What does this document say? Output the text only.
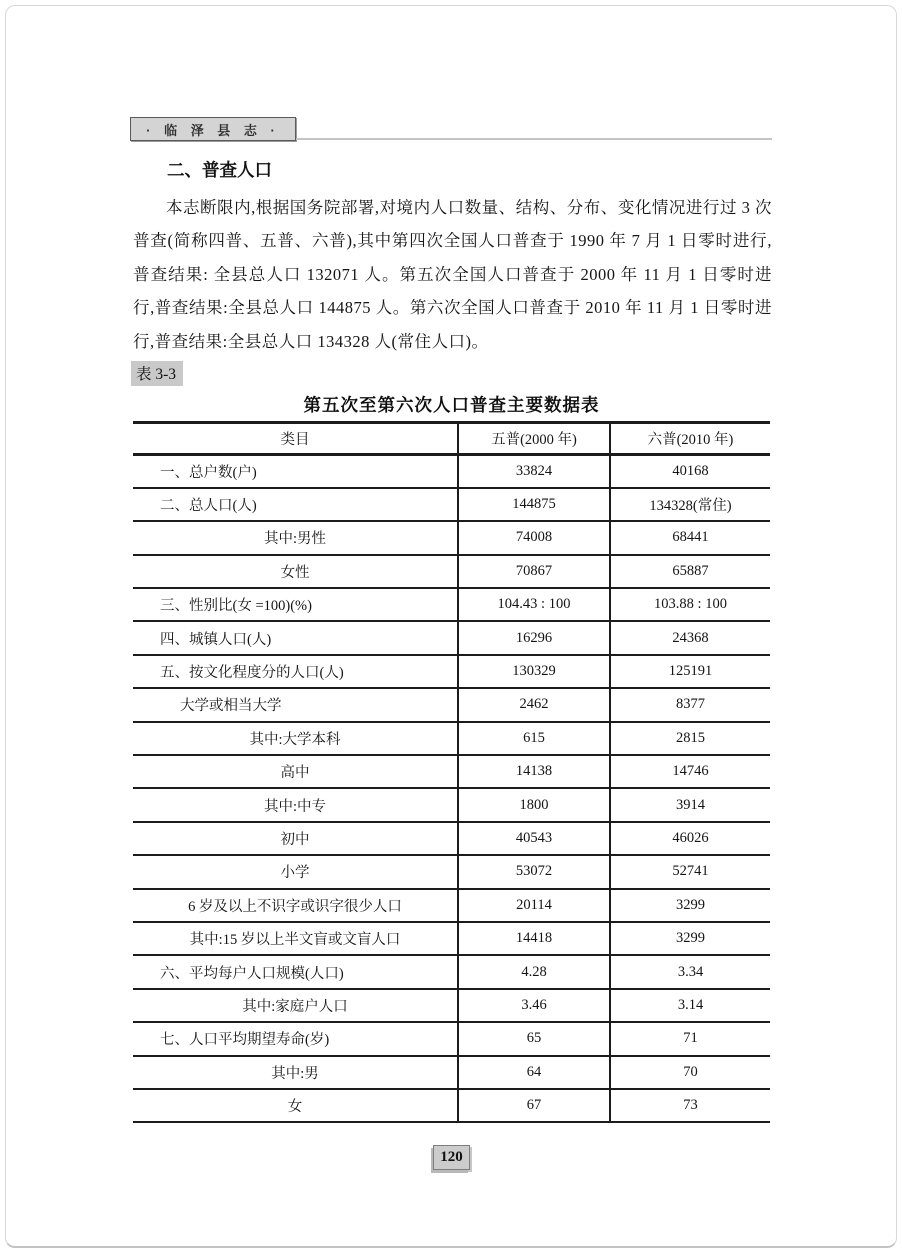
· 临 泽 县 志 ·
二、普查人口
本志断限内,根据国务院部署,对境内人口数量、结构、分布、变化情况进行过 3 次普查(简称四普、五普、六普),其中第四次全国人口普查于 1990 年 7 月 1 日零时进行,普查结果: 全县总人口 132071 人。第五次全国人口普查于 2000 年 11 月 1 日零时进行,普查结果:全县总人口 144875 人。第六次全国人口普查于 2010 年 11 月 1 日零时进行,普查结果:全县总人口 134328 人(常住人口)。
表 3-3
第五次至第六次人口普查主要数据表
类目	五普(2000 年)	六普(2010 年)
一、总户数(户)	33824	40168
二、总人口(人)	144875	134328(常住)
其中:男性	74008	68441
女性	70867	65887
三、性别比(女 =100)(%)	104.43 : 100	103.88 : 100
四、城镇人口(人)	16296	24368
五、按文化程度分的人口(人)	130329	125191
大学或相当大学	2462	8377
其中:大学本科	615	2815
高中	14138	14746
其中:中专	1800	3914
初中	40543	46026
小学	53072	52741
6 岁及以上不识字或识字很少人口	20114	3299
其中:15 岁以上半文盲或文盲人口	14418	3299
六、平均每户人口规模(人口)	4.28	3.34
其中:家庭户人口	3.46	3.14
七、人口平均期望寿命(岁)	65	71
其中:男	64	70
女	67	73
120
